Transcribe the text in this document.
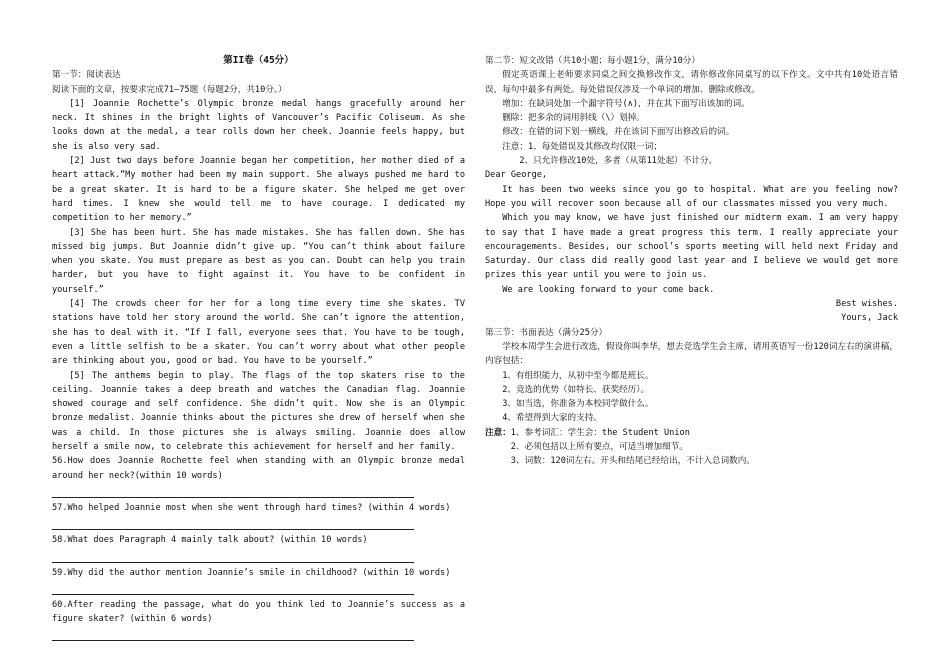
第II卷（45分）

第一节：阅读表达

阅读下面的文章，按要求完成71—75题（每题2分，共10分。）

[1] Joannie Rochette’s Olympic bronze medal hangs gracefully around her neck. It shines in the bright lights of Vancouver’s Pacific Coliseum. As she looks down at the medal, a tear rolls down her cheek. Joannie feels happy, but she is also very sad.

[2] Just two days before Joannie began her competition, her mother died of a heart attack.“My mother had been my main support. She always pushed me hard to be a great skater. It is hard to be a figure skater. She helped me get over hard times. I knew she would tell me to have courage. I dedicated my competition to her memory.”

[3] She has been hurt. She has made mistakes. She has fallen down. She has missed big jumps. But Joannie didn’t give up. “You can’t think about failure when you skate. You must prepare as best as you can. Doubt can help you train harder, but you have to fight against it. You have to be confident in yourself.”

[4] The crowds cheer for her for a long time every time she skates. TV stations have told her story around the world. She can’t ignore the attention, she has to deal with it. “If I fall, everyone sees that. You have to be tough, even a little selfish to be a skater. You can’t worry about what other people are thinking about you, good or bad. You have to be yourself.”

[5] The anthems begin to play. The flags of the top skaters rise to the ceiling. Joannie takes a deep breath and watches the Canadian flag. Joannie showed courage and self confidence. She didn’t quit. Now she is an Olympic bronze medalist. Joannie thinks about the pictures she drew of herself when she was a child. In those pictures she is always smiling. Joannie does allow herself a smile now, to celebrate this achievement for herself and her family.

56.How does Joannie Rochette feel when standing with an Olympic bronze medal around her neck?(within 10 words)

57.Who helped Joannie most when she went through hard times? (within 4 words)

58.What does Paragraph 4 mainly talk about? (within 10 words)

59.Why did the author mention Joannie’s smile in childhood? (within 10 words)

60.After reading the passage, what do you think led to Joannie’s success as a figure skater? (within 6 words)

第二节：短文改错（共10小题；每小题1分，满分10分）

假定英语课上老师要求同桌之间交换修改作文，请你修改你同桌写的以下作文。文中共有10处语言错误，每句中最多有两处。每处错误仅涉及一个单词的增加、删除或修改。

增加：在缺词处加一个漏字符号(∧)，并在其下面写出该加的词。

删除：把多余的词用斜线（\）划掉。

修改：在错的词下划一横线，并在该词下面写出修改后的词。

注意：1、每处错误及其修改均仅限一词；

2、只允许修改10处，多者（从第11处起）不计分。

Dear George,

It has been two weeks since you go to hospital. What are you feeling now? Hope you will recover soon because all of our classmates missed you very much.

Which you may know, we have just finished our midterm exam. I am very happy to say that I have made a great progress this term. I really appreciate your encouragements. Besides, our school’s sports meeting will held next Friday and Saturday. Our class did really good last year and I believe we would get more prizes this year until you were to join us.

We are looking forward to your come back.

Best wishes.

Yours, Jack

第三节：书面表达（满分25分）

学校本周学生会进行改选，假设你叫李华，想去竞选学生会主席，请用英语写一份120词左右的演讲稿，内容包括：

1、有组织能力，从初中至今都是班长。

2、竞选的优势（如特长、获奖经历）。

3、如当选，你准备为本校同学做什么。

4、希望得到大家的支持。

注意：1、参考词汇：学生会：the Student Union

2、必须包括以上所有要点，可适当增加细节。

3、词数：120词左右。开头和结尾已经给出，不计入总词数内。
